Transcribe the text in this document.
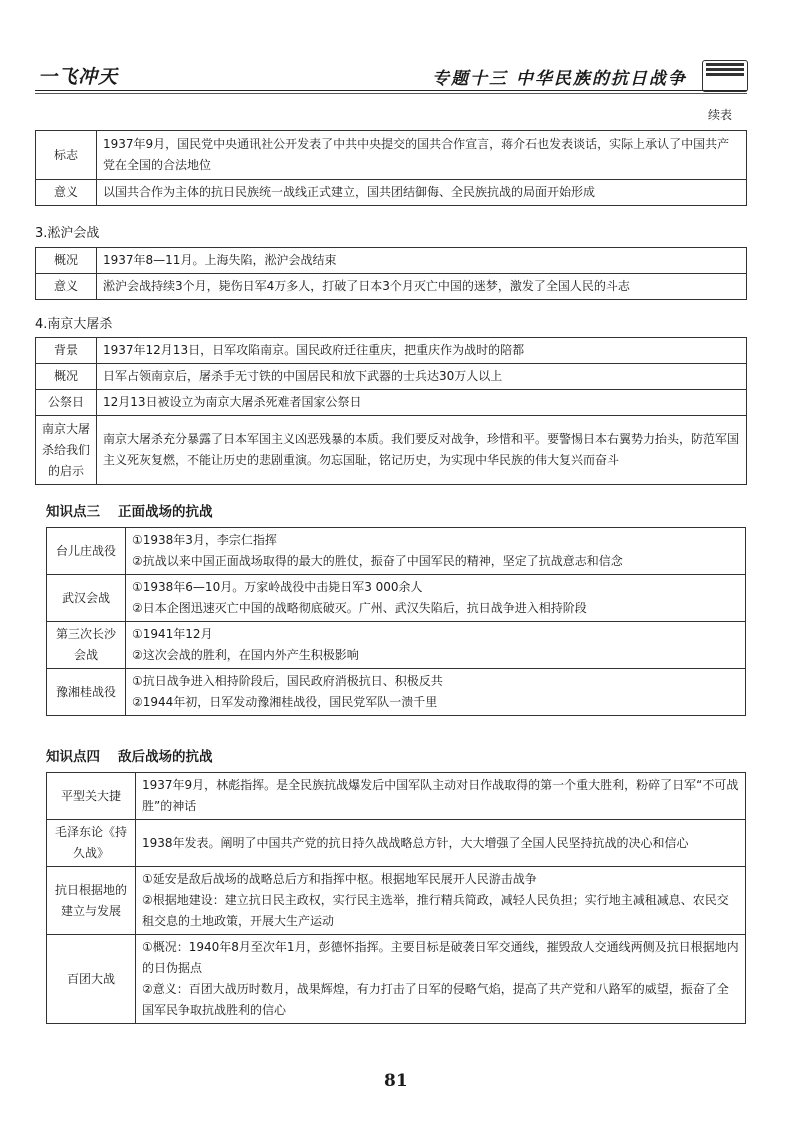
一飞冲天	专题十三 中华民族的抗日战争
续表
标志	1937年9月，国民党中央通讯社公开发表了中共中央提交的国共合作宣言，蒋介石也发表谈话，实际上承认了中国共产党在全国的合法地位
意义	以国共合作为主体的抗日民族统一战线正式建立，国共团结御侮、全民族抗战的局面开始形成
3.淞沪会战
概况	1937年8—11月。上海失陷，淞沪会战结束
意义	淞沪会战持续3个月，毙伤日军4万多人，打破了日本3个月灭亡中国的迷梦，激发了全国人民的斗志
4.南京大屠杀
背景	1937年12月13日，日军攻陷南京。国民政府迁往重庆，把重庆作为战时的陪都
概况	日军占领南京后，屠杀手无寸铁的中国居民和放下武器的士兵达30万人以上
公祭日	12月13日被设立为南京大屠杀死难者国家公祭日
南京大屠杀给我们的启示	南京大屠杀充分暴露了日本军国主义凶恶残暴的本质。我们要反对战争，珍惜和平。要警惕日本右翼势力抬头，防范军国主义死灰复燃，不能让历史的悲剧重演。勿忘国耻，铭记历史，为实现中华民族的伟大复兴而奋斗
知识点三 正面战场的抗战
台儿庄战役	①1938年3月，李宗仁指挥
②抗战以来中国正面战场取得的最大的胜仗，振奋了中国军民的精神，坚定了抗战意志和信念

武汉会战	①1938年6—10月。万家岭战役中击毙日军3 000余人
②日本企图迅速灭亡中国的战略彻底破灭。广州、武汉失陷后，抗日战争进入相持阶段

第三次长沙会战	①1941年12月
②这次会战的胜利，在国内外产生积极影响

豫湘桂战役	①抗日战争进入相持阶段后，国民政府消极抗日、积极反共
②1944年初，日军发动豫湘桂战役，国民党军队一溃千里
知识点四 敌后战场的抗战
平型关大捷	1937年9月，林彪指挥。是全民族抗战爆发后中国军队主动对日作战取得的第一个重大胜利，粉碎了日军“不可战胜”的神话
毛泽东论《持久战》	1938年发表。阐明了中国共产党的抗日持久战战略总方针，大大增强了全国人民坚持抗战的决心和信心
抗日根据地的建立与发展	①延安是敌后战场的战略总后方和指挥中枢。根据地军民展开人民游击战争
②根据地建设：建立抗日民主政权，实行民主选举，推行精兵简政，减轻人民负担；实行地主减租减息、农民交租交息的土地政策，开展大生产运动

百团大战	①概况：1940年8月至次年1月，彭德怀指挥。主要目标是破袭日军交通线，摧毁敌人交通线两侧及抗日根据地内的日伪据点
②意义：百团大战历时数月，战果辉煌，有力打击了日军的侵略气焰，提高了共产党和八路军的威望，振奋了全国军民争取抗战胜利的信心
81
